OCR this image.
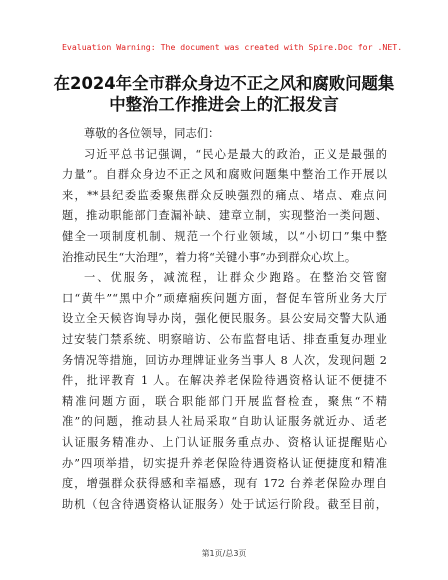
Evaluation Warning: The document was created with Spire.Doc for .NET.
在2024年全市群众身边不正之风和腐败问题集
中整治工作推进会上的汇报发言
尊敬的各位领导，同志们：
习近平总书记强调，“民心是最大的政治，正义是最强的
力量”。自群众身边不正之风和腐败问题集中整治工作开展以
来，**县纪委监委聚焦群众反映强烈的痛点、堵点、难点问
题，推动职能部门查漏补缺、建章立制，实现整治一类问题、
健全一项制度机制、规范一个行业领域，以“小切口”集中整
治推动民生“大治理”，着力将“关键小事”办到群众心坎上。
一、优服务，减流程，让群众少跑路。在整治交管窗
口“黄牛”“黑中介”顽瘴痼疾问题方面，督促车管所业务大厅
设立全天候咨询导办岗，强化便民服务。县公安局交警大队通
过安装门禁系统、明察暗访、公布监督电话、排查重复办理业
务情况等措施，回访办理牌证业务当事人 8 人次，发现问题 2
件，批评教育 1 人。在解决养老保险待遇资格认证不便捷不
精准问题方面，联合职能部门开展监督检查，聚焦“不精
准”的问题，推动县人社局采取“自助认证服务就近办、适老
认证服务精准办、上门认证服务重点办、资格认证提醒贴心
办”四项举措，切实提升养老保险待遇资格认证便捷度和精准
度，增强群众获得感和幸福感，现有 172 台养老保险办理自
助机（包含待遇资格认证服务）处于试运行阶段。截至目前，
第1页/总3页
